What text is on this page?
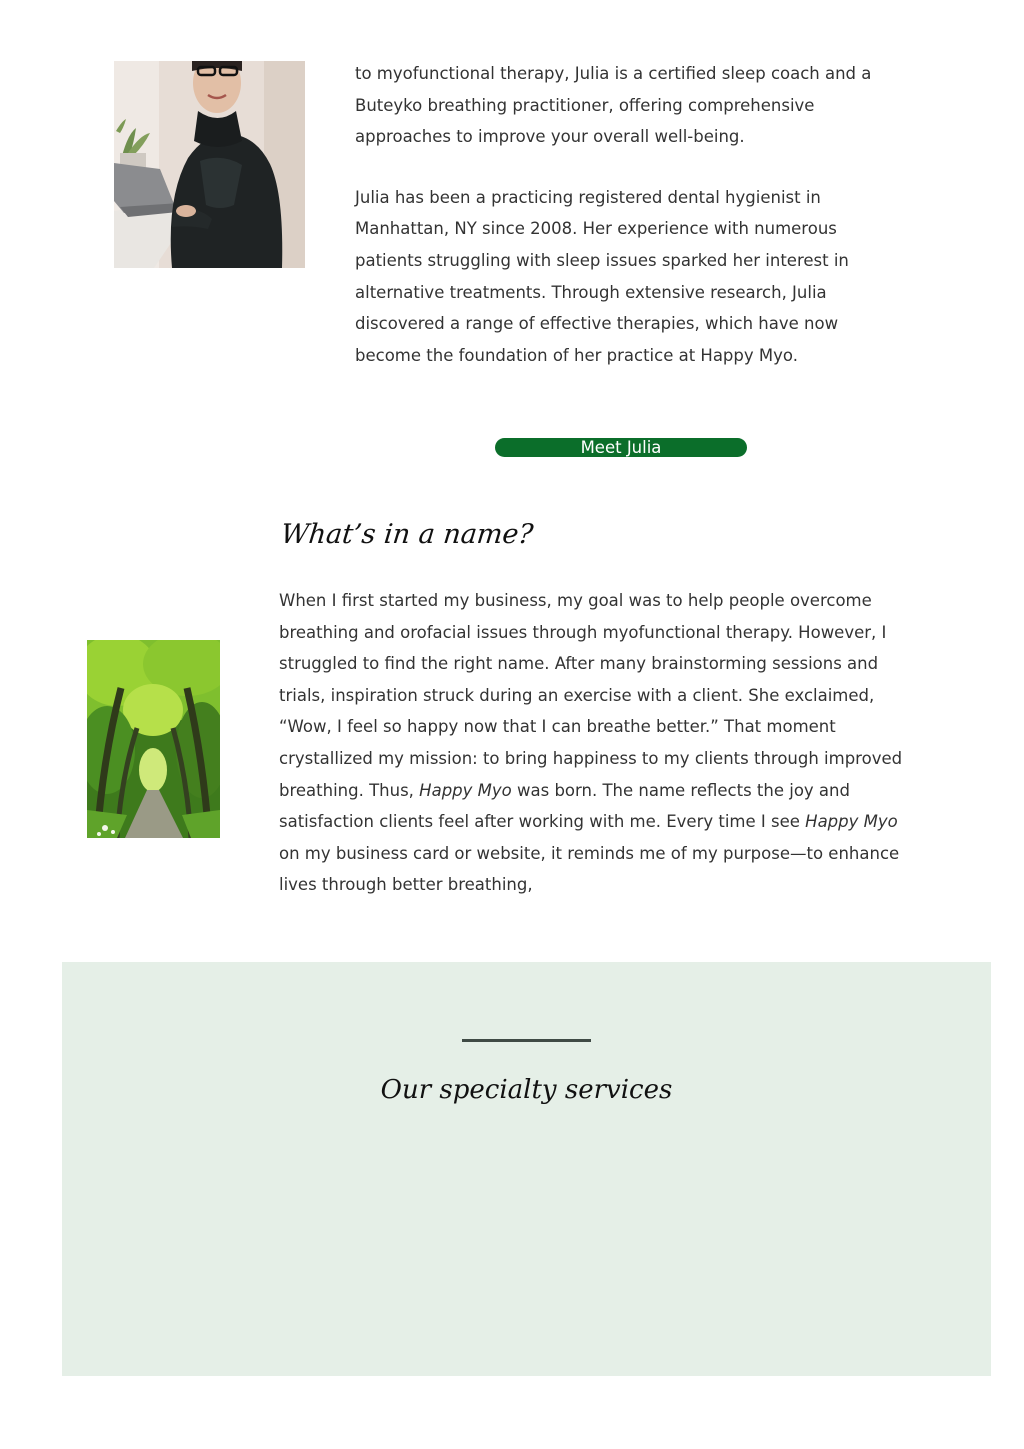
to myofunctional therapy, Julia is a certified sleep coach and a Buteyko breathing practitioner, offering comprehensive approaches to improve your overall well-being.

Julia has been a practicing registered dental hygienist in Manhattan, NY since 2008. Her experience with numerous patients struggling with sleep issues sparked her interest in alternative treatments. Through extensive research, Julia discovered a range of effective therapies, which have now become the foundation of her practice at Happy Myo.

Meet Julia
What’s in a name?
When I first started my business, my goal was to help people overcome breathing and orofacial issues through myofunctional therapy. However, I struggled to find the right name. After many brainstorming sessions and trials, inspiration struck during an exercise with a client. She exclaimed, “Wow, I feel so happy now that I can breathe better.” That moment crystallized my mission: to bring happiness to my clients through improved breathing. Thus, Happy Myo was born. The name reflects the joy and satisfaction clients feel after working with me. Every time I see Happy Myo on my business card or website, it reminds me of my purpose—to enhance lives through better breathing,
Our specialty services
